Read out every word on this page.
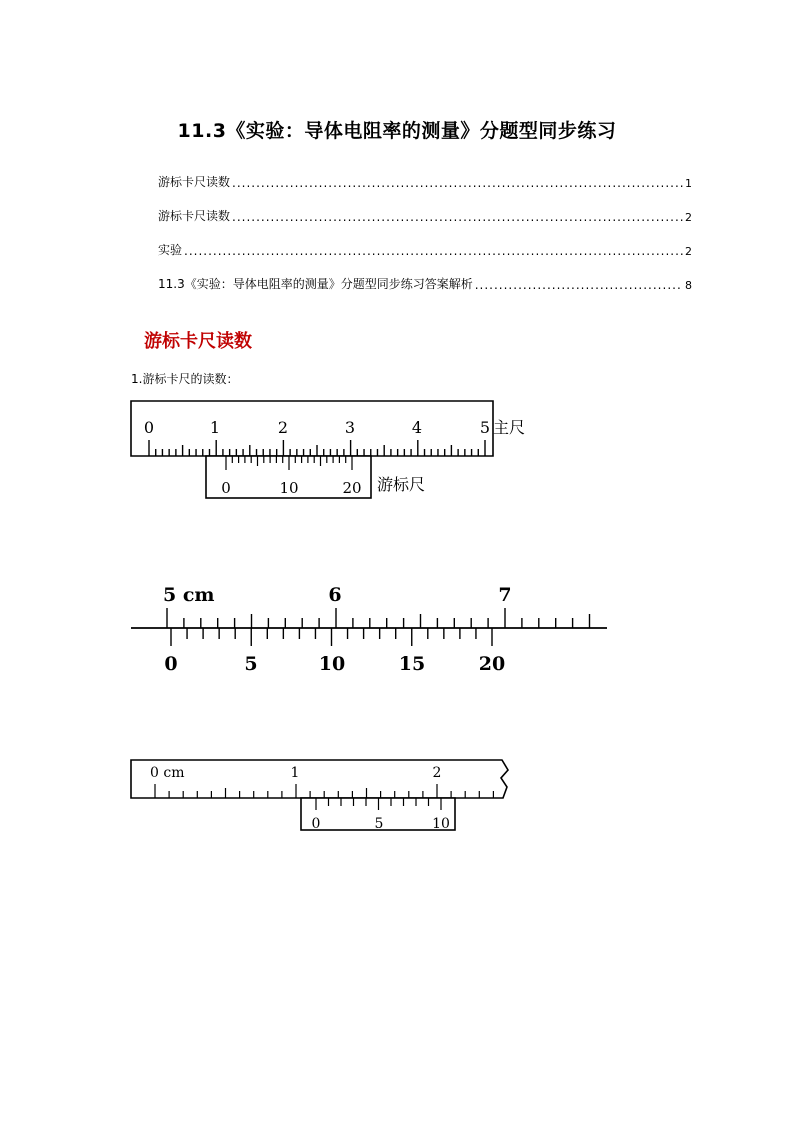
11.3《实验：导体电阻率的测量》分题型同步练习
游标卡尺读数 .....	1
游标卡尺读数 .....	2
实验 .....	2
11.3《实验：导体电阻率的测量》分题型同步练习答案解析 .....	8
游标卡尺读数
1.游标卡尺的读数：
0	1	2	3	4	5 主尺
0	10	20 游标尺
5 cm	6	7
0	5	10	15	20
0 cm	1	2
0	5	10
